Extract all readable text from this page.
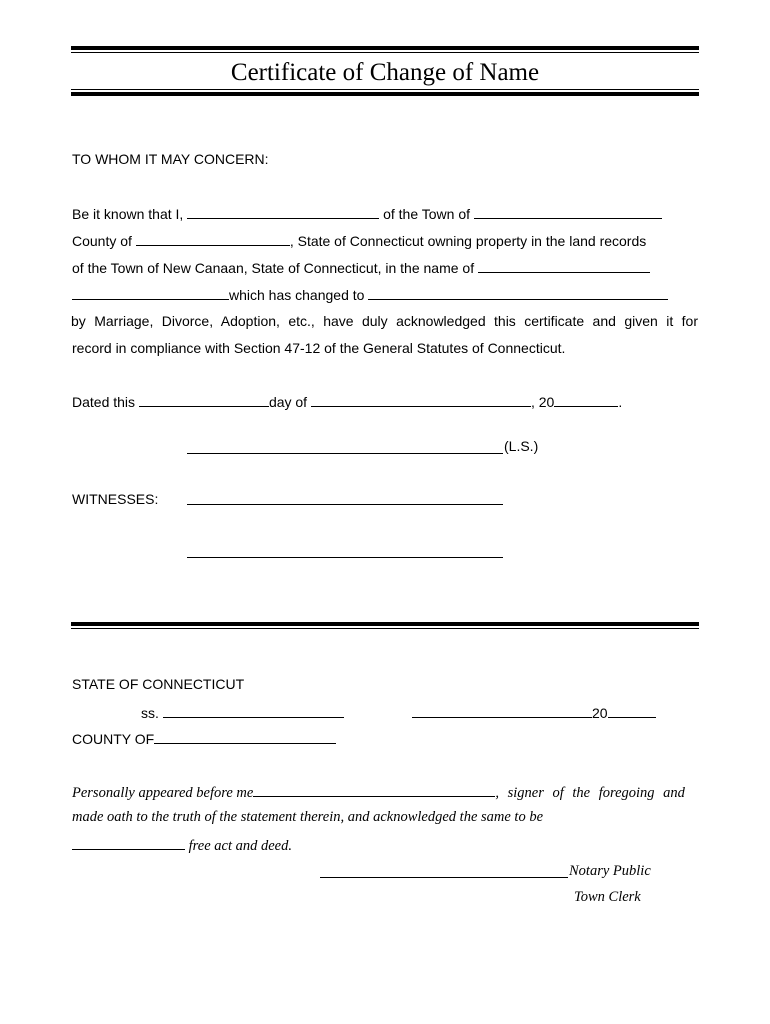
Certificate of Change of Name
TO WHOM IT MAY CONCERN:
Be it known that I,	of the Town of
County of	, State of Connecticut owning property in the land records
of the Town of New Canaan, State of Connecticut, in the name of
which has changed to
by Marriage, Divorce, Adoption, etc., have duly acknowledged this certificate and given it for
record in compliance with Section 47-12 of the General Statutes of Connecticut.
Dated this	day of	, 20	.
(L.S.)
WITNESSES:
STATE OF CONNECTICUT
ss.	20
COUNTY OF
Personally appeared before me	, signer of the foregoing and
made oath to the truth of the statement therein, and acknowledged the same to be
free act and deed.
Notary Public
Town Clerk
